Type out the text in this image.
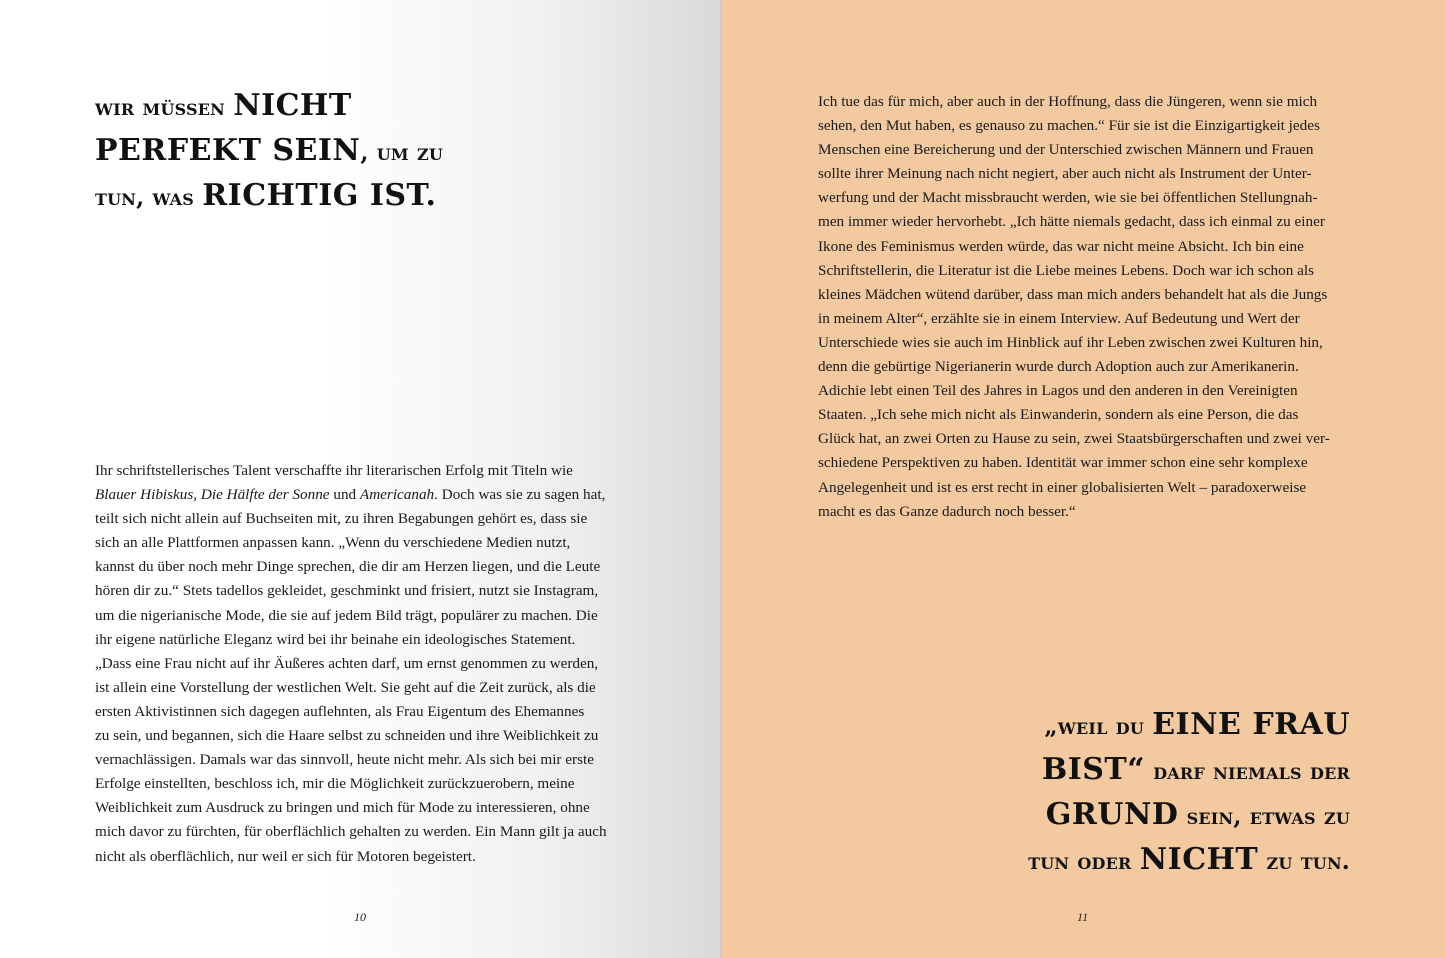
wir müssen NICHT
PERFEKT SEIN, um zu
tun, was RICHTIG IST.
Ihr schriftstellerisches Talent verschaffte ihr literarischen Erfolg mit Titeln wie
Blauer Hibiskus, Die Hälfte der Sonne und Americanah. Doch was sie zu sagen hat,
teilt sich nicht allein auf Buchseiten mit, zu ihren Begabungen gehört es, dass sie
sich an alle Plattformen anpassen kann. „Wenn du verschiedene Medien nutzt,
kannst du über noch mehr Dinge sprechen, die dir am Herzen liegen, und die Leute
hören dir zu.“ Stets tadellos gekleidet, geschminkt und frisiert, nutzt sie Instagram,
um die nigerianische Mode, die sie auf jedem Bild trägt, populärer zu machen. Die
ihr eigene natürliche Eleganz wird bei ihr beinahe ein ideologisches Statement.
„Dass eine Frau nicht auf ihr Äußeres achten darf, um ernst genommen zu werden,
ist allein eine Vorstellung der westlichen Welt. Sie geht auf die Zeit zurück, als die
ersten Aktivistinnen sich dagegen auflehnten, als Frau Eigentum des Ehemannes
zu sein, und begannen, sich die Haare selbst zu schneiden und ihre Weiblichkeit zu
vernachlässigen. Damals war das sinnvoll, heute nicht mehr. Als sich bei mir erste
Erfolge einstellten, beschloss ich, mir die Möglichkeit zurückzuerobern, meine
Weiblichkeit zum Ausdruck zu bringen und mich für Mode zu interessieren, ohne
mich davor zu fürchten, für oberflächlich gehalten zu werden. Ein Mann gilt ja auch
nicht als oberflächlich, nur weil er sich für Motoren begeistert.
10	11
Ich tue das für mich, aber auch in der Hoffnung, dass die Jüngeren, wenn sie mich
sehen, den Mut haben, es genauso zu machen.“ Für sie ist die Einzigartigkeit jedes
Menschen eine Bereicherung und der Unterschied zwischen Männern und Frauen
sollte ihrer Meinung nach nicht negiert, aber auch nicht als Instrument der Unter-
werfung und der Macht missbraucht werden, wie sie bei öffentlichen Stellungnah-
men immer wieder hervorhebt. „Ich hätte niemals gedacht, dass ich einmal zu einer
Ikone des Feminismus werden würde, das war nicht meine Absicht. Ich bin eine
Schriftstellerin, die Literatur ist die Liebe meines Lebens. Doch war ich schon als
kleines Mädchen wütend darüber, dass man mich anders behandelt hat als die Jungs
in meinem Alter“, erzählte sie in einem Interview. Auf Bedeutung und Wert der
Unterschiede wies sie auch im Hinblick auf ihr Leben zwischen zwei Kulturen hin,
denn die gebürtige Nigerianerin wurde durch Adoption auch zur Amerikanerin.
Adichie lebt einen Teil des Jahres in Lagos und den anderen in den Vereinigten
Staaten. „Ich sehe mich nicht als Einwanderin, sondern als eine Person, die das
Glück hat, an zwei Orten zu Hause zu sein, zwei Staatsbürgerschaften und zwei ver-
schiedene Perspektiven zu haben. Identität war immer schon eine sehr komplexe
Angelegenheit und ist es erst recht in einer globalisierten Welt – paradoxerweise
macht es das Ganze dadurch noch besser.“
„weil du EINE FRAU
BIST“ darf niemals der
GRUND sein, etwas zu
tun oder NICHT zu tun.
